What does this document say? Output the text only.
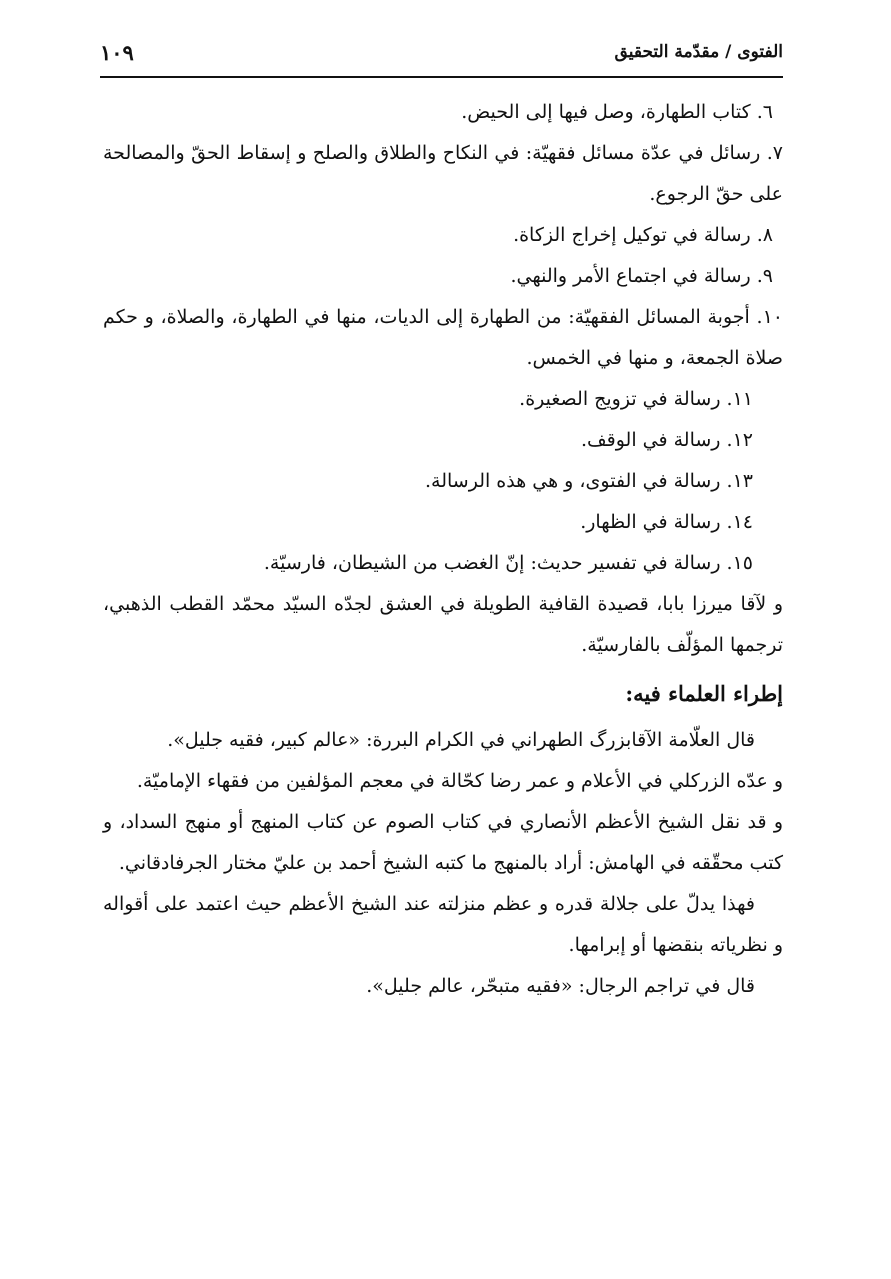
الفتوى / مقدّمة التحقيق
١٠٩

٦. كتاب الطهارة، وصل فيها إلى الحيض.

٧. رسائل في عدّة مسائل فقهيّة: في النكاح والطلاق والصلح و إسقاط الحقّ والمصالحة على حقّ الرجوع.

٨. رسالة في توكيل إخراج الزكاة.

٩. رسالة في اجتماع الأمر والنهي.

١٠. أجوبة المسائل الفقهيّة: من الطهارة إلى الديات، منها في الطهارة، والصلاة، و حكم صلاة الجمعة، و منها في الخمس.

١١. رسالة في تزويج الصغيرة.

١٢. رسالة في الوقف.

١٣. رسالة في الفتوى، و هي هذه الرسالة.

١٤. رسالة في الظهار.

١٥. رسالة في تفسير حديث: إنّ الغضب من الشيطان، فارسيّة.

و لآقا ميرزا بابا، قصيدة القافية الطويلة في العشق لجدّه السيّد محمّد القطب الذهبي، ترجمها المؤلّف بالفارسيّة.

إطراء العلماء فيه:

قال العلّامة الآقابزرگ الطهراني في الكرام البررة: «عالم كبير، فقيه جليل».

و عدّه الزركلي في الأعلام و عمر رضا كحّالة في معجم المؤلفين من فقهاء الإماميّة.

و قد نقل الشيخ الأعظم الأنصاري في كتاب الصوم عن كتاب المنهج أو منهج السداد، و كتب محقّقه في الهامش: أراد بالمنهج ما كتبه الشيخ أحمد بن عليّ مختار الجرفادقاني.

فهذا يدلّ على جلالة قدره و عظم منزلته عند الشيخ الأعظم حيث اعتمد على أقواله و نظرياته بنقضها أو إبرامها.

قال في تراجم الرجال: «فقيه متبحّر، عالم جليل».
